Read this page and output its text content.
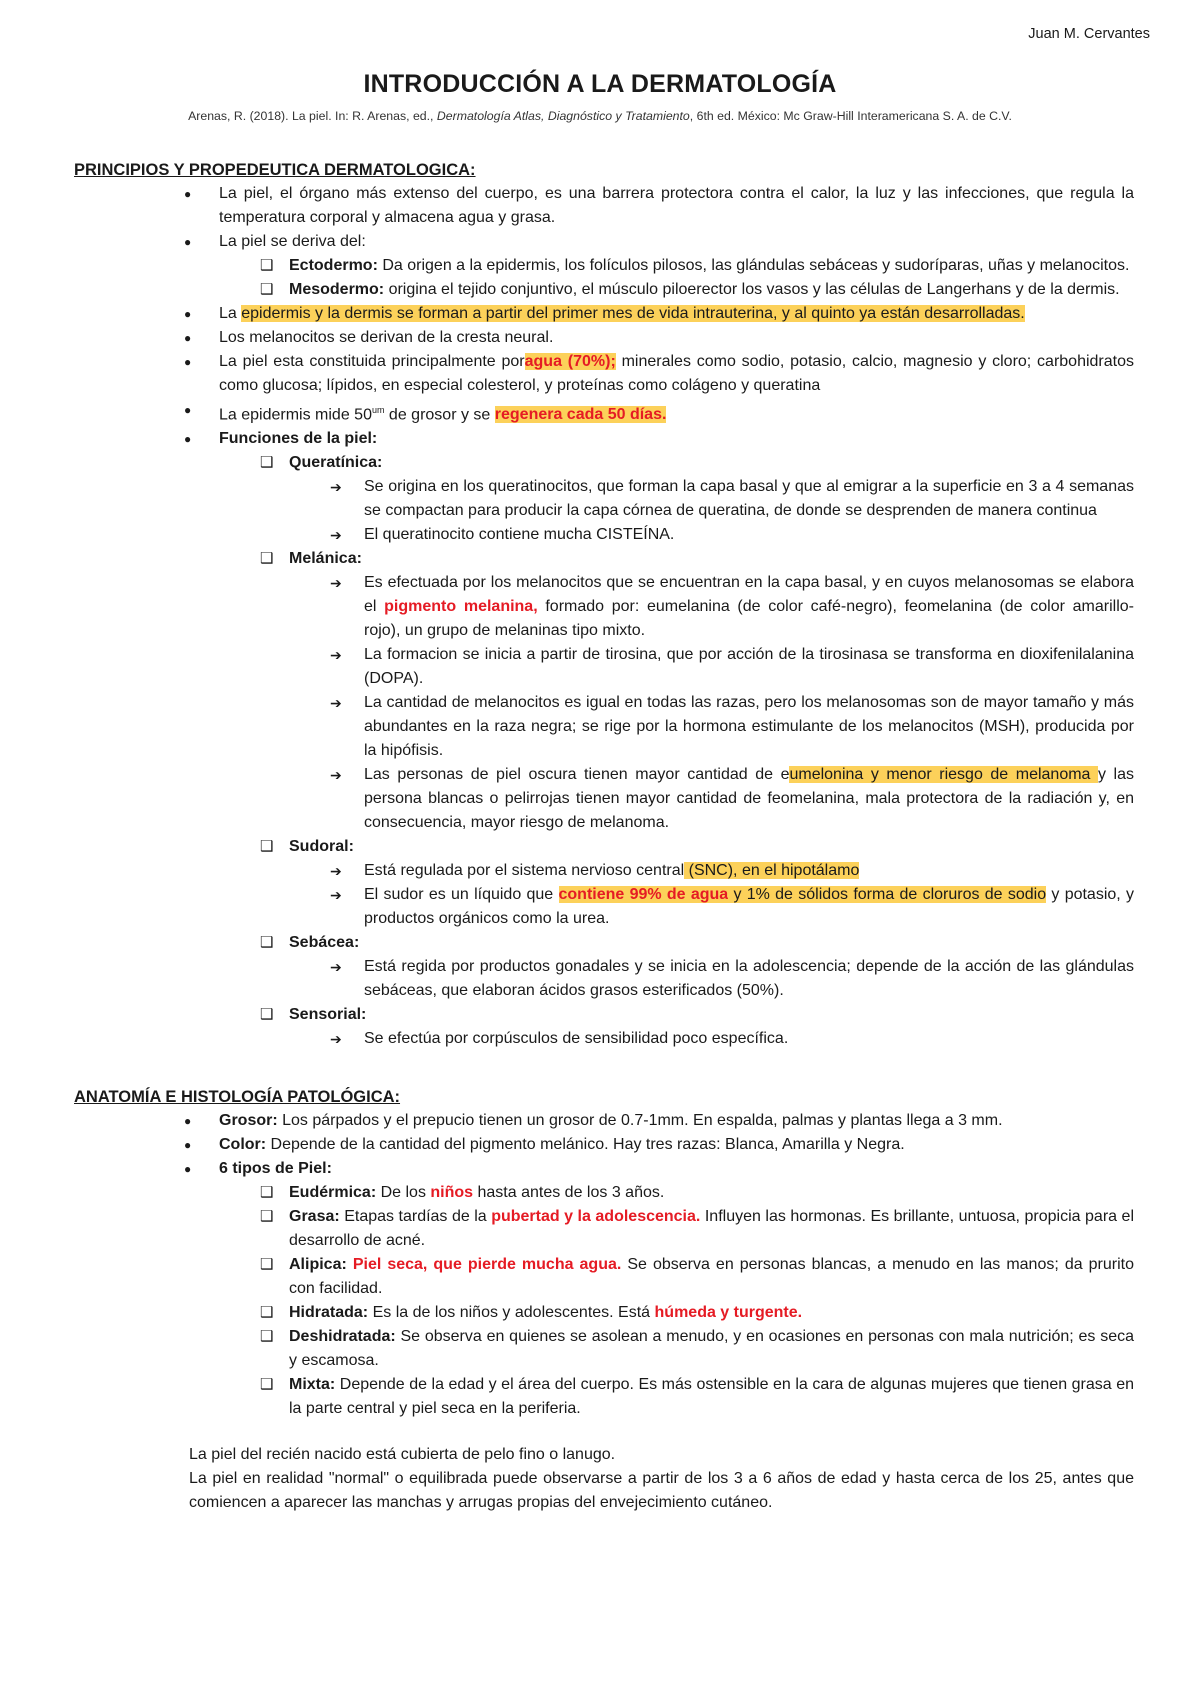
Juan M. Cervantes
INTRODUCCIÓN A LA DERMATOLOGÍA
Arenas, R. (2018). La piel. In: R. Arenas, ed., Dermatología Atlas, Diagnóstico y Tratamiento, 6th ed. México: Mc Graw-Hill Interamericana S. A. de C.V.

PRINCIPIOS Y PROPEDEUTICA DERMATOLOGICA:

● La piel, el órgano más extenso del cuerpo, es una barrera protectora contra el calor, la luz y las infecciones, que regula la temperatura corporal y almacena agua y grasa.
● La piel se deriva del:
❑ Ectodermo: Da origen a la epidermis, los folículos pilosos, las glándulas sebáceas y sudoríparas, uñas y melanocitos.
❑ Mesodermo: origina el tejido conjuntivo, el músculo piloerector los vasos y las células de Langerhans y de la dermis.
● La epidermis y la dermis se forman a partir del primer mes de vida intrauterina, y al quinto ya están desarrolladas.
● Los melanocitos se derivan de la cresta neural.
● La piel esta constituida principalmente poragua (70%); minerales como sodio, potasio, calcio, magnesio y cloro; carbohidratos como glucosa; lípidos, en especial colesterol, y proteínas como colágeno y queratina
● La epidermis mide $50^{um}$ de grosor y se regenera cada 50 días.
● Funciones de la piel:
❑ Queratínica:
➔ Se origina en los queratinocitos, que forman la capa basal y que al emigrar a la superficie en 3 a 4 semanas se compactan para producir la capa córnea de queratina, de donde se desprenden de manera continua
➔ El queratinocito contiene mucha CISTEÍNA.
❑ Melánica:
➔ Es efectuada por los melanocitos que se encuentran en la capa basal, y en cuyos melanosomas se elabora el pigmento melanina, formado por: eumelanina (de color café-negro), feomelanina (de color amarillo- rojo), un grupo de melaninas tipo mixto.
➔ La formacion se inicia a partir de tirosina, que por acción de la tirosinasa se transforma en dioxifenilalanina (DOPA).
➔ La cantidad de melanocitos es igual en todas las razas, pero los melanosomas son de mayor tamaño y más abundantes en la raza negra; se rige por la hormona estimulante de los melanocitos (MSH), producida por la hipófisis.
➔ Las personas de piel oscura tienen mayor cantidad de eumelonina y menor riesgo de melanoma y las persona blancas o pelirrojas tienen mayor cantidad de feomelanina, mala protectora de la radiación y, en consecuencia, mayor riesgo de melanoma.
❑ Sudoral:
➔ Está regulada por el sistema nervioso central (SNC), en el hipotálamo
➔ El sudor es un líquido que contiene 99% de agua y 1% de sólidos forma de cloruros de sodio y potasio, y productos orgánicos como la urea.
❑ Sebácea:
➔ Está regida por productos gonadales y se inicia en la adolescencia; depende de la acción de las glándulas sebáceas, que elaboran ácidos grasos esterificados (50%).
❑ Sensorial:
➔ Se efectúa por corpúsculos de sensibilidad poco específica.

ANATOMÍA E HISTOLOGÍA PATOLÓGICA:

● Grosor: Los párpados y el prepucio tienen un grosor de 0.7-1mm. En espalda, palmas y plantas llega a 3 mm.
● Color: Depende de la cantidad del pigmento melánico. Hay tres razas: Blanca, Amarilla y Negra.
● 6 tipos de Piel:
❑ Eudérmica: De los niños hasta antes de los 3 años.
❑ Grasa: Etapas tardías de la pubertad y la adolescencia. Influyen las hormonas. Es brillante, untuosa, propicia para el desarrollo de acné.
❑ Alipica: Piel seca, que pierde mucha agua. Se observa en personas blancas, a menudo en las manos; da prurito con facilidad.
❑ Hidratada: Es la de los niños y adolescentes. Está húmeda y turgente.
❑ Deshidratada: Se observa en quienes se asolean a menudo, y en ocasiones en personas con mala nutrición; es seca y escamosa.
❑ Mixta: Depende de la edad y el área del cuerpo. Es más ostensible en la cara de algunas mujeres que tienen grasa en la parte central y piel seca en la periferia.

La piel del recién nacido está cubierta de pelo fino o lanugo.

La piel en realidad "normal" o equilibrada puede observarse a partir de los 3 a 6 años de edad y hasta cerca de los 25, antes que comiencen a aparecer las manchas y arrugas propias del envejecimiento cutáneo.
